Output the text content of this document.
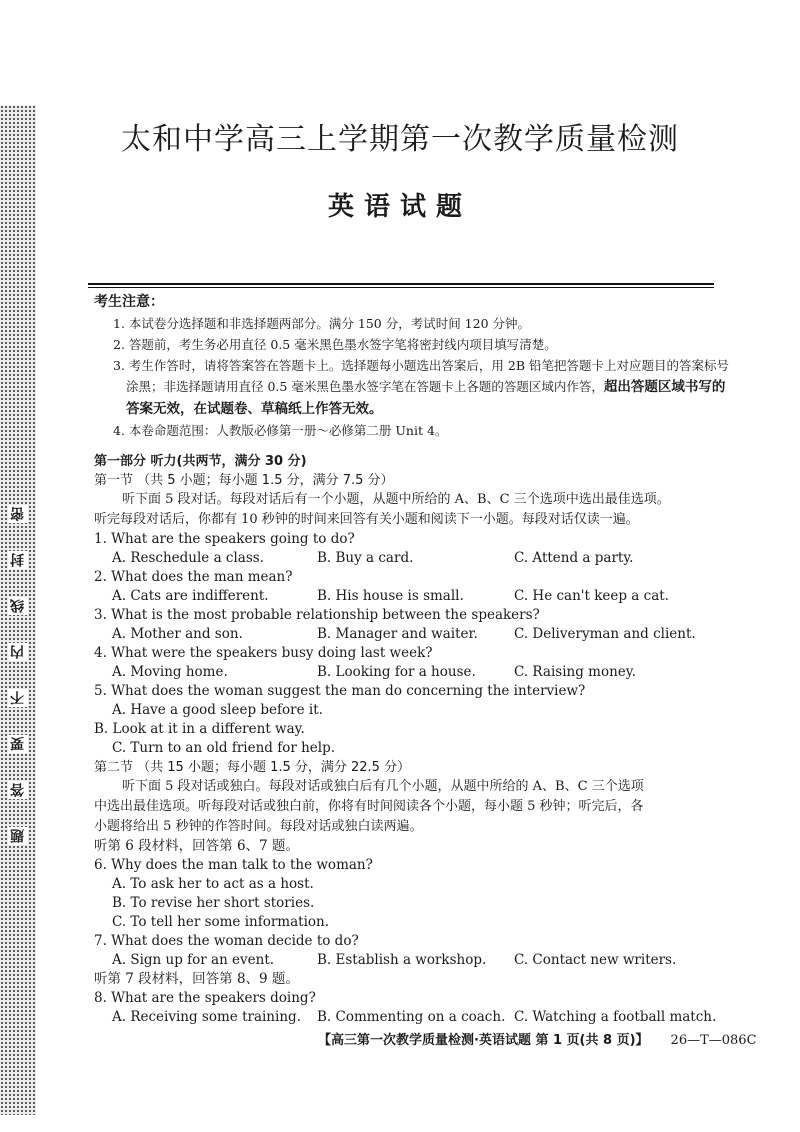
密
封
线
内
不
要
答
题
太和中学高三上学期第一次教学质量检测
英语试题
考生注意：
1. 本试卷分选择题和非选择题两部分。满分 150 分，考试时间 120 分钟。
2. 答题前，考生务必用直径 0.5 毫米黑色墨水签字笔将密封线内项目填写清楚。
3. 考生作答时，请将答案答在答题卡上。选择题每小题选出答案后，用 2B 铅笔把答题卡上对应题目的答案标号涂黑；非选择题请用直径 0.5 毫米黑色墨水签字笔在答题卡上各题的答题区域内作答，超出答题区域书写的答案无效，在试题卷、草稿纸上作答无效。
4. 本卷命题范围：人教版必修第一册～必修第二册 Unit 4。
第一部分 听力(共两节，满分 30 分)
第一节 （共 5 小题；每小题 1.5 分，满分 7.5 分）
听下面 5 段对话。每段对话后有一个小题，从题中所给的 A、B、C 三个选项中选出最佳选项。
听完每段对话后，你都有 10 秒钟的时间来回答有关小题和阅读下一小题。每段对话仅读一遍。
1. What are the speakers going to do?
A. Reschedule a class.	B. Buy a card.	C. Attend a party.
2. What does the man mean?
A. Cats are indifferent.	B. His house is small.	C. He can't keep a cat.
3. What is the most probable relationship between the speakers?
A. Mother and son.	B. Manager and waiter.	C. Deliveryman and client.
4. What were the speakers busy doing last week?
A. Moving home.	B. Looking for a house.	C. Raising money.
5. What does the woman suggest the man do concerning the interview?
A. Have a good sleep before it.
B. Look at it in a different way.
C. Turn to an old friend for help.
第二节 （共 15 小题；每小题 1.5 分，满分 22.5 分）
听下面 5 段对话或独白。每段对话或独白后有几个小题，从题中所给的 A、B、C 三个选项
中选出最佳选项。听每段对话或独白前，你将有时间阅读各个小题，每小题 5 秒钟；听完后，各
小题将给出 5 秒钟的作答时间。每段对话或独白读两遍。
听第 6 段材料，回答第 6、7 题。
6. Why does the man talk to the woman?
A. To ask her to act as a host.
B. To revise her short stories.
C. To tell her some information.
7. What does the woman decide to do?
A. Sign up for an event.	B. Establish a workshop.	C. Contact new writers.
听第 7 段材料，回答第 8、9 题。
8. What are the speakers doing?
A. Receiving some training.	B. Commenting on a coach. C. Watching a football match.
【高三第一次教学质量检测·英语试题 第 1 页(共 8 页)】 26—T—086C
